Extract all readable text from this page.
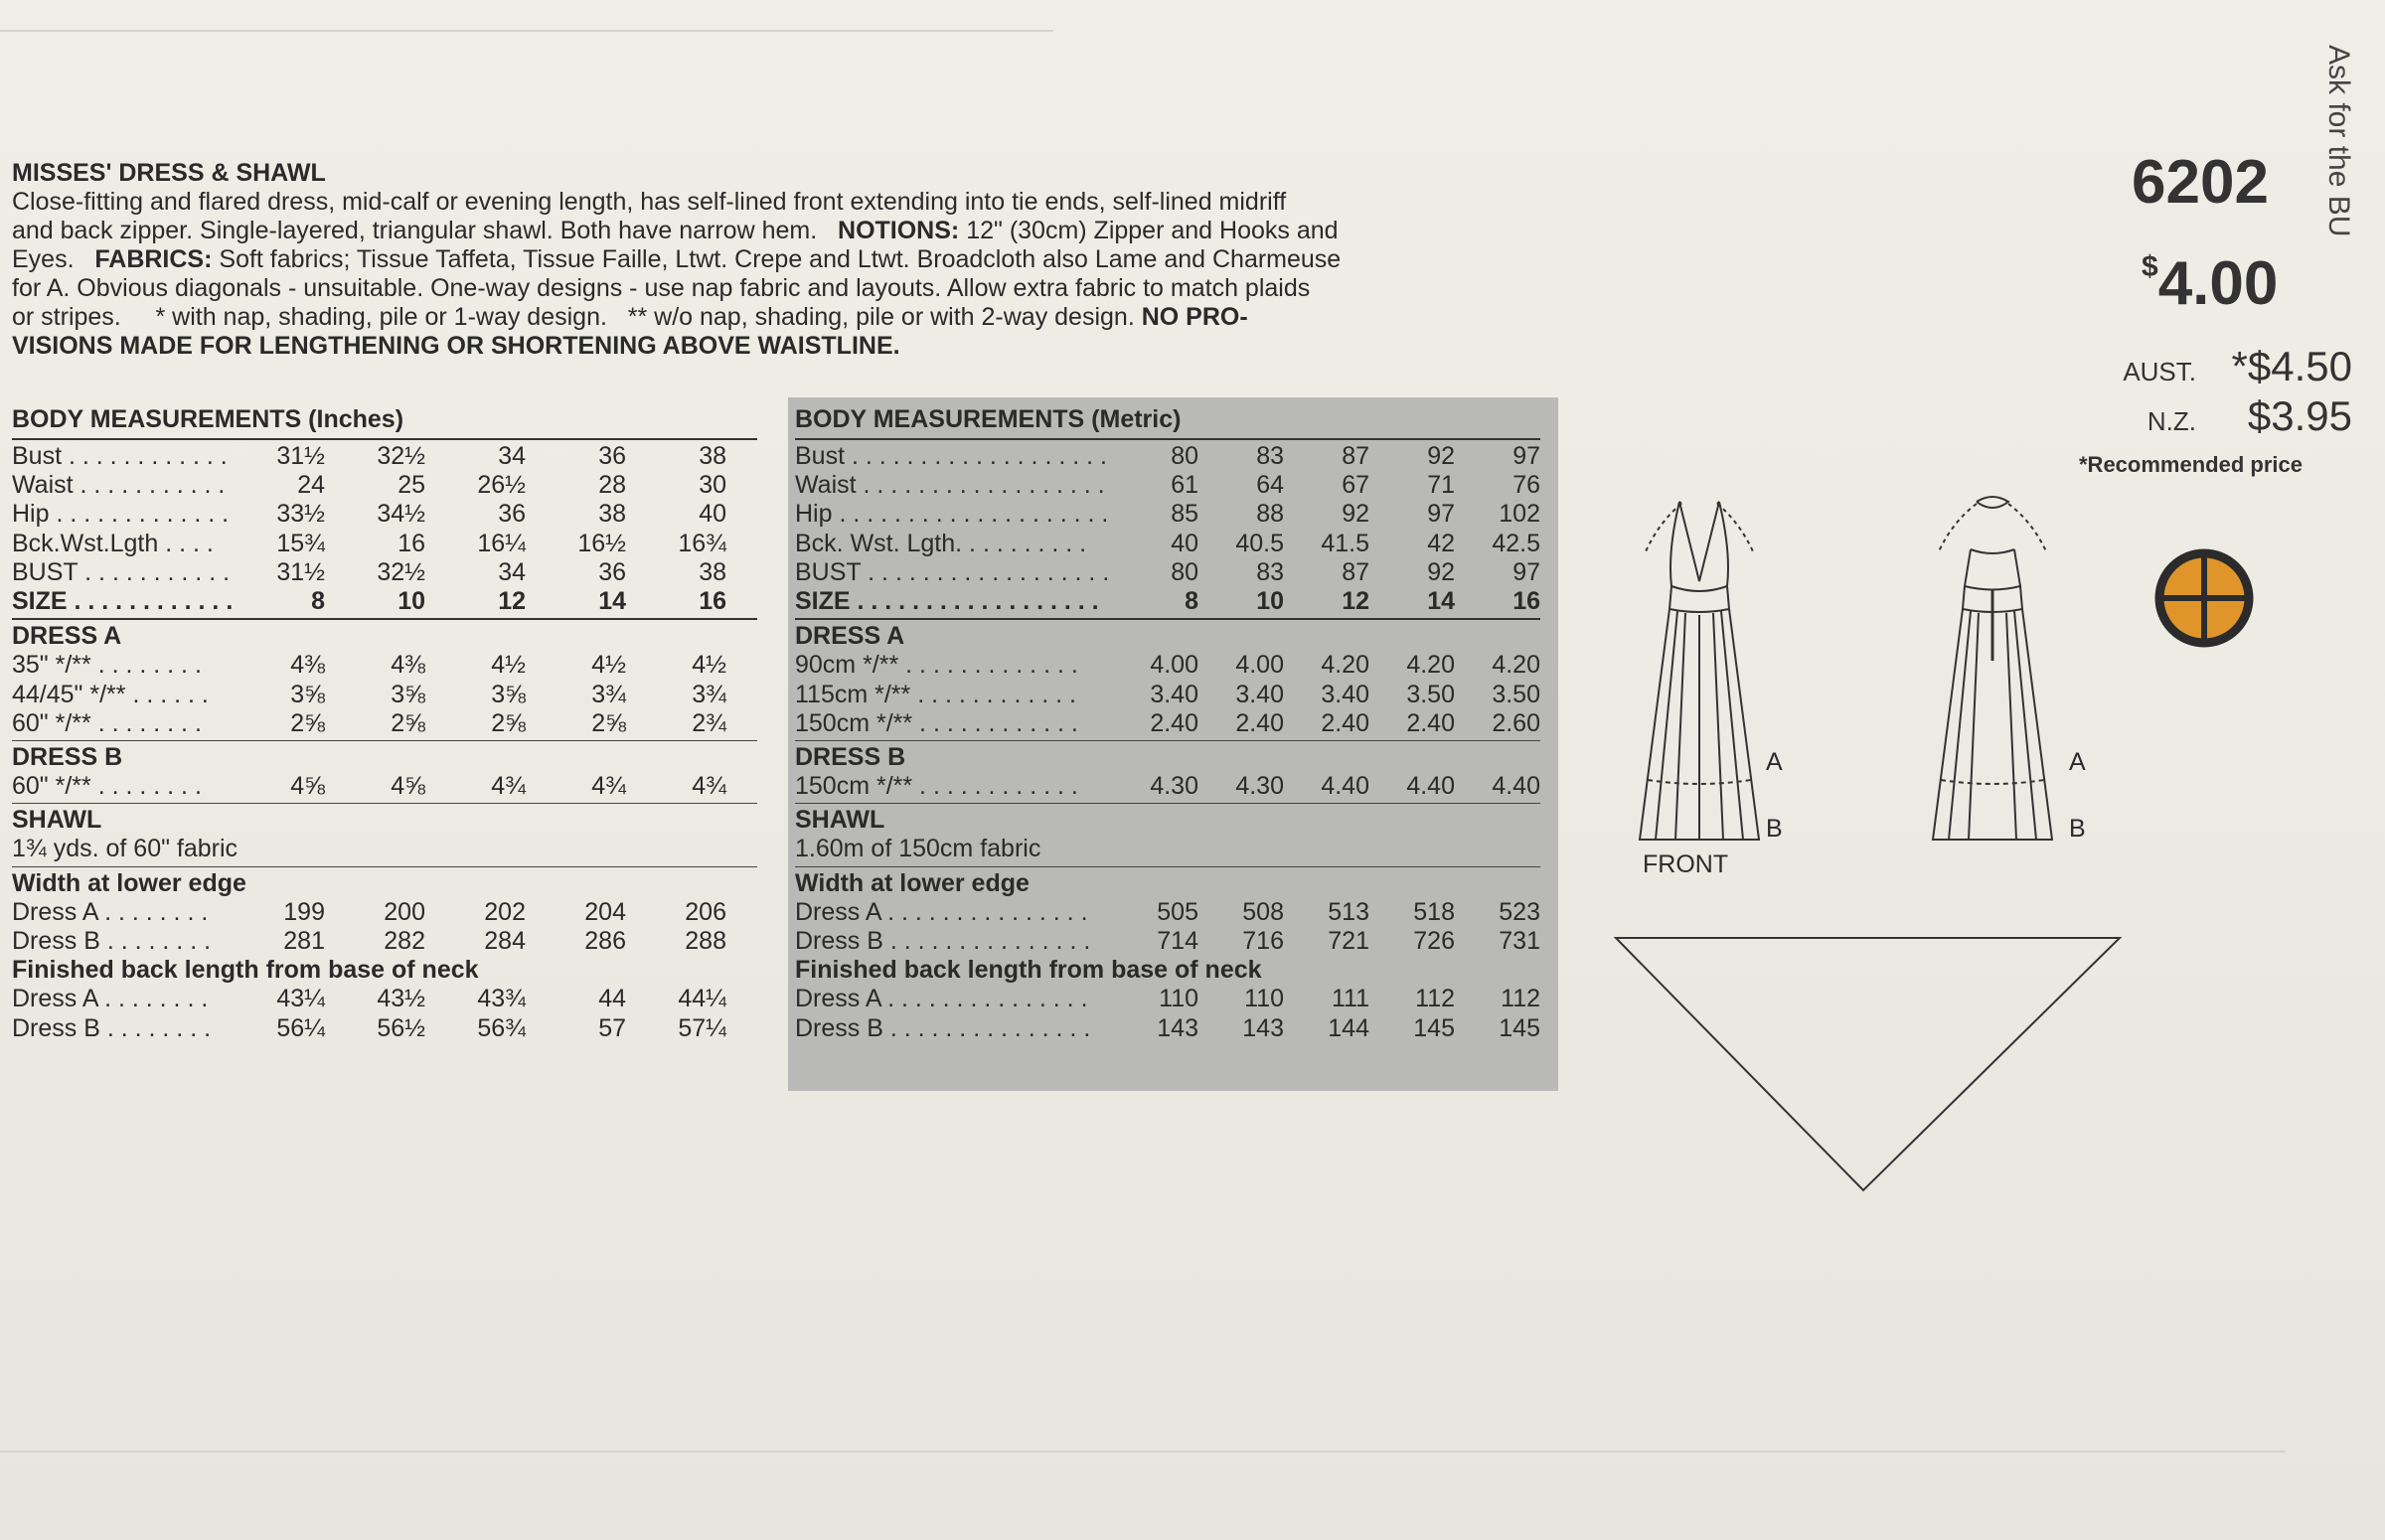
MISSES' DRESS & SHAWL
Close-fitting and flared dress, mid-calf or evening length, has self-lined front extending into tie ends, self-lined midriff
and back zipper. Single-layered, triangular shawl. Both have narrow hem. NOTIONS: 12" (30cm) Zipper and Hooks and
Eyes. FABRICS: Soft fabrics; Tissue Taffeta, Tissue Faille, Ltwt. Crepe and Ltwt. Broadcloth also Lame and Charmeuse
for A. Obvious diagonals - unsuitable. One-way designs - use nap fabric and layouts. Allow extra fabric to match plaids
or stripes.     * with nap, shading, pile or 1-way design.   ** w/o nap, shading, pile or with 2-way design. NO PRO-
VISIONS MADE FOR LENGTHENING OR SHORTENING ABOVE WAISTLINE.
6202
$4.00
AUST. *$4.50
N.Z.	$3.95
*Recommended price
Ask for the BU
BODY MEASUREMENTS (Inches)
Bust . . . . . . . . . . . .	31½	32½	34	36	38
Waist . . . . . . . . . . .	24	25	26½	28	30
Hip . . . . . . . . . . . . .	33½	34½	36	38	40
Bck.Wst.Lgth . . . .	15¾	16	16¼	16½	16¾
BUST . . . . . . . . . . .	31½	32½	34	36	38
SIZE . . . . . . . . . . . .	8	10	12	14	16
DRESS A
35" */** . . . . . . . .	4⅜	4⅜	4½	4½	4½
44/45" */** . . . . . .	3⅝	3⅝	3⅝	3¾	3¾
60" */** . . . . . . . .	2⅝	2⅝	2⅝	2⅝	2¾
DRESS B
60" */** . . . . . . . .	4⅝	4⅝	4¾	4¾	4¾
SHAWL
1¾ yds. of 60" fabric
Width at lower edge
Dress A . . . . . . . .	199	200	202	204	206
Dress B . . . . . . . .	281	282	284	286	288
Finished back length from base of neck
Dress A . . . . . . . .	43¼	43½	43¾	44	44¼
Dress B . . . . . . . .	56¼	56½	56¾	57	57¼
BODY MEASUREMENTS (Metric)
Bust . . . . . . . . . . . . . . . . . . .	80	83	87	92	97
Waist . . . . . . . . . . . . . . . . . .	61	64	67	71	76
Hip . . . . . . . . . . . . . . . . . . . .	85	88	92	97	102
Bck. Wst. Lgth. . . . . . . . . .	40	40.5	41.5	42	42.5
BUST . . . . . . . . . . . . . . . . . .	80	83	87	92	97
SIZE . . . . . . . . . . . . . . . . . .	8	10	12	14	16
DRESS A
90cm */** . . . . . . . . . . . . .	4.00	4.00	4.20	4.20	4.20
115cm */** . . . . . . . . . . . .	3.40	3.40	3.40	3.50	3.50
150cm */** . . . . . . . . . . . .	2.40	2.40	2.40	2.40	2.60
DRESS B
150cm */** . . . . . . . . . . . .	4.30	4.30	4.40	4.40	4.40
SHAWL
1.60m of 150cm fabric
Width at lower edge
Dress A . . . . . . . . . . . . . . .	505	508	513	518	523
Dress B . . . . . . . . . . . . . . .	714	716	721	726	731
Finished back length from base of neck
Dress A . . . . . . . . . . . . . . .	110	110	111	112	112
Dress B . . . . . . . . . . . . . . .	143	143	144	145	145
FRONT
A
B
A
B
